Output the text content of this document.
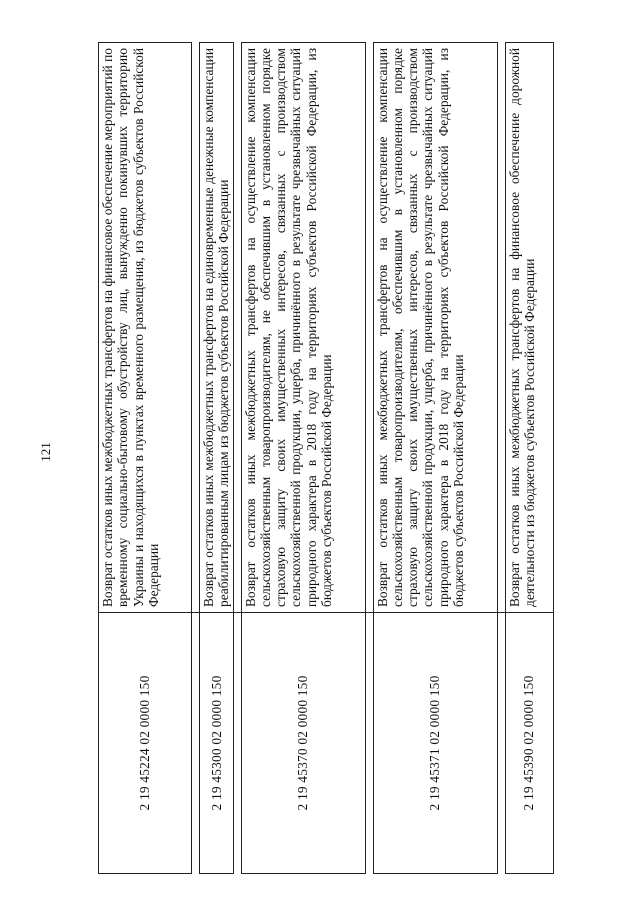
121
2 19 45224 02 0000 150	Возврат остатков иных межбюджетных трансфертов на финансовое обеспечение мероприятий по временному социально-бытовому обустройству лиц, вынужденно покинувших территорию Украины и находящихся в пунктах временного размещения, из бюджетов субъектов Российской Федерации

2 19 45300 02 0000 150	Возврат остатков иных межбюджетных трансфертов на единовременные денежные компенсации реабилитированным лицам из бюджетов субъектов Российской Федерации

2 19 45370 02 0000 150	Возврат остатков иных межбюджетных трансфертов на осуществление компенсации сельскохозяйственным товаропроизводителям, не обеспечившим в установленном порядке страховую защиту своих имущественных интересов, связанных с производством сельскохозяйственной продукции, ущерба, причинённого в результате чрезвычайных ситуаций природного характера в 2018 году на территориях субъектов Российской Федерации, из бюджетов субъектов Российской Федерации

2 19 45371 02 0000 150	Возврат остатков иных межбюджетных трансфертов на осуществление компенсации сельскохозяйственным товаропроизводителям, обеспечившим в установленном порядке страховую защиту своих имущественных интересов, связанных с производством сельскохозяйственной продукции, ущерба, причинённого в результате чрезвычайных ситуаций природного характера в 2018 году на территориях субъектов Российской Федерации, из бюджетов субъектов Российской Федерации

2 19 45390 02 0000 150	Возврат остатков иных межбюджетных трансфертов на финансовое обеспечение дорожной деятельности из бюджетов субъектов Российской Федерации
